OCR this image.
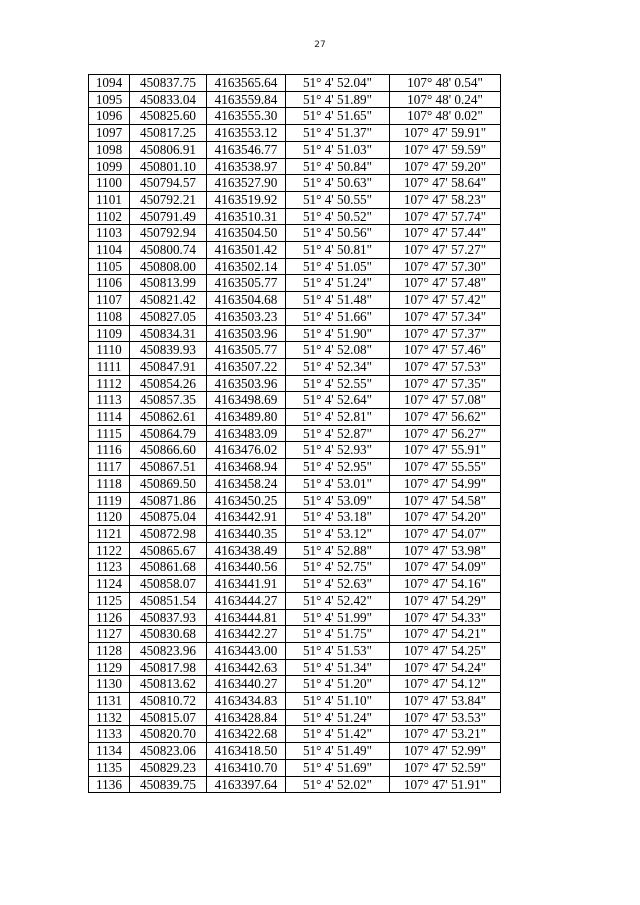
27
1094	450837.75	4163565.64	51° 4' 52.04"	107° 48' 0.54"
1095	450833.04	4163559.84	51° 4' 51.89"	107° 48' 0.24"
1096	450825.60	4163555.30	51° 4' 51.65"	107° 48' 0.02"
1097	450817.25	4163553.12	51° 4' 51.37"	107° 47' 59.91"
1098	450806.91	4163546.77	51° 4' 51.03"	107° 47' 59.59"
1099	450801.10	4163538.97	51° 4' 50.84"	107° 47' 59.20"
1100	450794.57	4163527.90	51° 4' 50.63"	107° 47' 58.64"
1101	450792.21	4163519.92	51° 4' 50.55"	107° 47' 58.23"
1102	450791.49	4163510.31	51° 4' 50.52"	107° 47' 57.74"
1103	450792.94	4163504.50	51° 4' 50.56"	107° 47' 57.44"
1104	450800.74	4163501.42	51° 4' 50.81"	107° 47' 57.27"
1105	450808.00	4163502.14	51° 4' 51.05"	107° 47' 57.30"
1106	450813.99	4163505.77	51° 4' 51.24"	107° 47' 57.48"
1107	450821.42	4163504.68	51° 4' 51.48"	107° 47' 57.42"
1108	450827.05	4163503.23	51° 4' 51.66"	107° 47' 57.34"
1109	450834.31	4163503.96	51° 4' 51.90"	107° 47' 57.37"
1110	450839.93	4163505.77	51° 4' 52.08"	107° 47' 57.46"
1111	450847.91	4163507.22	51° 4' 52.34"	107° 47' 57.53"
1112	450854.26	4163503.96	51° 4' 52.55"	107° 47' 57.35"
1113	450857.35	4163498.69	51° 4' 52.64"	107° 47' 57.08"
1114	450862.61	4163489.80	51° 4' 52.81"	107° 47' 56.62"
1115	450864.79	4163483.09	51° 4' 52.87"	107° 47' 56.27"
1116	450866.60	4163476.02	51° 4' 52.93"	107° 47' 55.91"
1117	450867.51	4163468.94	51° 4' 52.95"	107° 47' 55.55"
1118	450869.50	4163458.24	51° 4' 53.01"	107° 47' 54.99"
1119	450871.86	4163450.25	51° 4' 53.09"	107° 47' 54.58"
1120	450875.04	4163442.91	51° 4' 53.18"	107° 47' 54.20"
1121	450872.98	4163440.35	51° 4' 53.12"	107° 47' 54.07"
1122	450865.67	4163438.49	51° 4' 52.88"	107° 47' 53.98"
1123	450861.68	4163440.56	51° 4' 52.75"	107° 47' 54.09"
1124	450858.07	4163441.91	51° 4' 52.63"	107° 47' 54.16"
1125	450851.54	4163444.27	51° 4' 52.42"	107° 47' 54.29"
1126	450837.93	4163444.81	51° 4' 51.99"	107° 47' 54.33"
1127	450830.68	4163442.27	51° 4' 51.75"	107° 47' 54.21"
1128	450823.96	4163443.00	51° 4' 51.53"	107° 47' 54.25"
1129	450817.98	4163442.63	51° 4' 51.34"	107° 47' 54.24"
1130	450813.62	4163440.27	51° 4' 51.20"	107° 47' 54.12"
1131	450810.72	4163434.83	51° 4' 51.10"	107° 47' 53.84"
1132	450815.07	4163428.84	51° 4' 51.24"	107° 47' 53.53"
1133	450820.70	4163422.68	51° 4' 51.42"	107° 47' 53.21"
1134	450823.06	4163418.50	51° 4' 51.49"	107° 47' 52.99"
1135	450829.23	4163410.70	51° 4' 51.69"	107° 47' 52.59"
1136	450839.75	4163397.64	51° 4' 52.02"	107° 47' 51.91"
